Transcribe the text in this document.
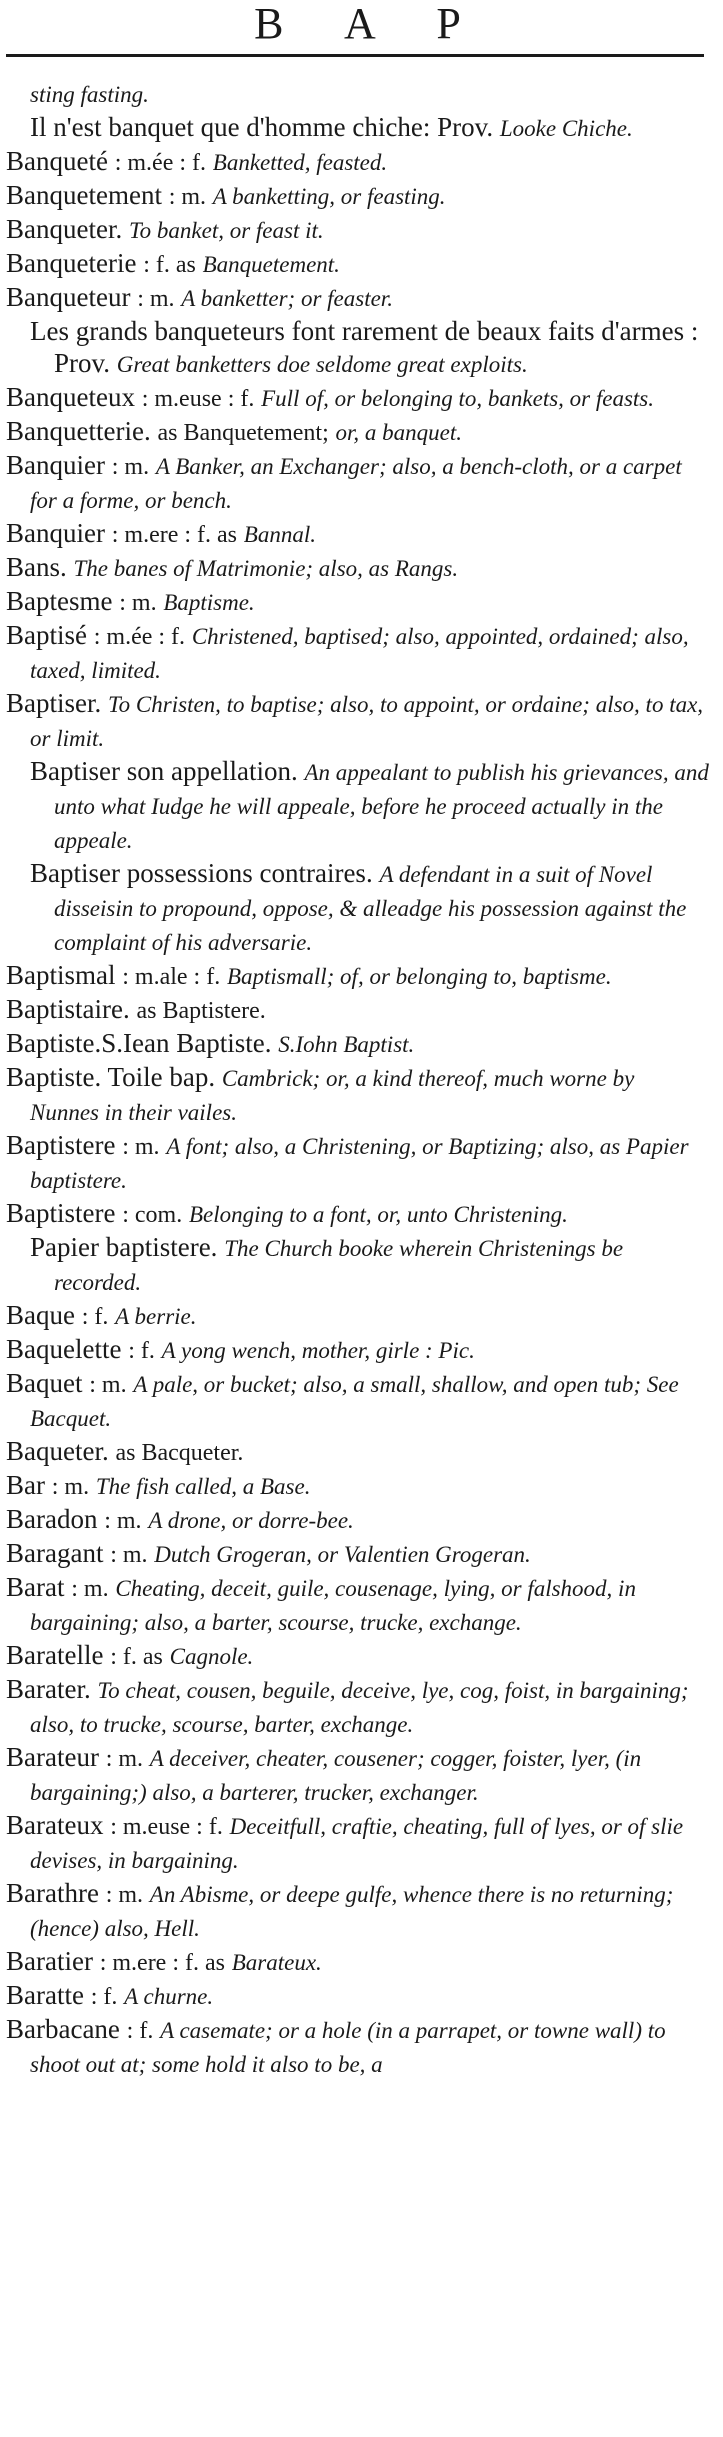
B A P

sting fasting.

Il n'est banquet que d'homme chiche: Prov. Looke Chiche.

Banqueté : m.ée : f. Banketted, feasted.

Banquetement : m. A banketting, or feasting.

Banqueter. To banket, or feast it.

Banqueterie : f. as Banquetement.

Banqueteur : m. A banketter; or feaster.

Les grands banqueteurs font rarement de beaux faits d'armes : Prov. Great banketters doe seldome great exploits.

Banqueteux : m.euse : f. Full of, or belonging to, bankets, or feasts.

Banquetterie. as Banquetement; or, a banquet.

Banquier : m. A Banker, an Exchanger; also, a bench-cloth, or a carpet for a forme, or bench.

Banquier : m.ere : f. as Bannal.

Bans. The banes of Matrimonie; also, as Rangs.

Baptesme : m. Baptisme.

Baptisé : m.ée : f. Christened, baptised; also, appointed, ordained; also, taxed, limited.

Baptiser. To Christen, to baptise; also, to appoint, or ordaine; also, to tax, or limit.

Baptiser son appellation. An appealant to publish his grievances, and unto what Iudge he will appeale, before he proceed actually in the appeale.

Baptiser possessions contraires. A defendant in a suit of Novel disseisin to propound, oppose, & alleadge his possession against the complaint of his adversarie.

Baptismal : m.ale : f. Baptismall; of, or belonging to, baptisme.

Baptistaire. as Baptistere.

Baptiste.S.Iean Baptiste. S.Iohn Baptist.

Baptiste. Toile bap. Cambrick; or, a kind thereof, much worne by Nunnes in their vailes.

Baptistere : m. A font; also, a Christening, or Baptizing; also, as Papier baptistere.

Baptistere : com. Belonging to a font, or, unto Christening.

Papier baptistere. The Church booke wherein Christenings be recorded.

Baque : f. A berrie.

Baquelette : f. A yong wench, mother, girle : Pic.

Baquet : m. A pale, or bucket; also, a small, shallow, and open tub; See Bacquet.

Baqueter. as Bacqueter.

Bar : m. The fish called, a Base.

Baradon : m. A drone, or dorre-bee.

Baragant : m. Dutch Grogeran, or Valentien Grogeran.

Barat : m. Cheating, deceit, guile, cousenage, lying, or falshood, in bargaining; also, a barter, scourse, trucke, exchange.

Baratelle : f. as Cagnole.

Barater. To cheat, cousen, beguile, deceive, lye, cog, foist, in bargaining; also, to trucke, scourse, barter, exchange.

Barateur : m. A deceiver, cheater, cousener; cogger, foister, lyer, (in bargaining;) also, a barterer, trucker, exchanger.

Barateux : m.euse : f. Deceitfull, craftie, cheating, full of lyes, or of slie devises, in bargaining.

Barathre : m. An Abisme, or deepe gulfe, whence there is no returning; (hence) also, Hell.

Baratier : m.ere : f. as Barateux.

Baratte : f. A churne.

Barbacane : f. A casemate; or a hole (in a parrapet, or towne wall) to shoot out at; some hold it also to be, a
